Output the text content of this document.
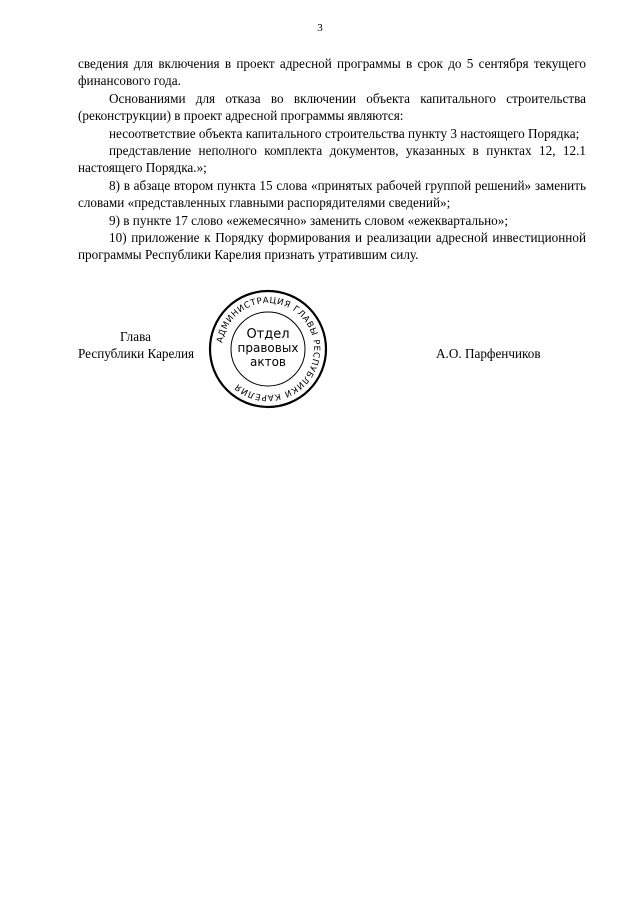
3

сведения для включения в проект адресной программы в срок до 5 сентября текущего финансового года.

Основаниями для отказа во включении объекта капитального строительства (реконструкции) в проект адресной программы являются:

несоответствие объекта капитального строительства пункту 3 настоящего Порядка;

представление неполного комплекта документов, указанных в пунктах 12, 12.1 настоящего Порядка.»;

8) в абзаце втором пункта 15 слова «принятых рабочей группой решений» заменить словами «представленных главными распорядителями сведений»;

9) в пункте 17 слово «ежемесячно» заменить словом «ежеквартально»;

10) приложение к Порядку формирования и реализации адресной инвестиционной программы Республики Карелия признать утратившим силу.

Глава
Республики Карелия
АДМИНИСТРАЦИЯ ГЛАВЫ РЕСПУБЛИКИ КАРЕЛИЯ
Отдел
правовых
актов
А.О. Парфенчиков
